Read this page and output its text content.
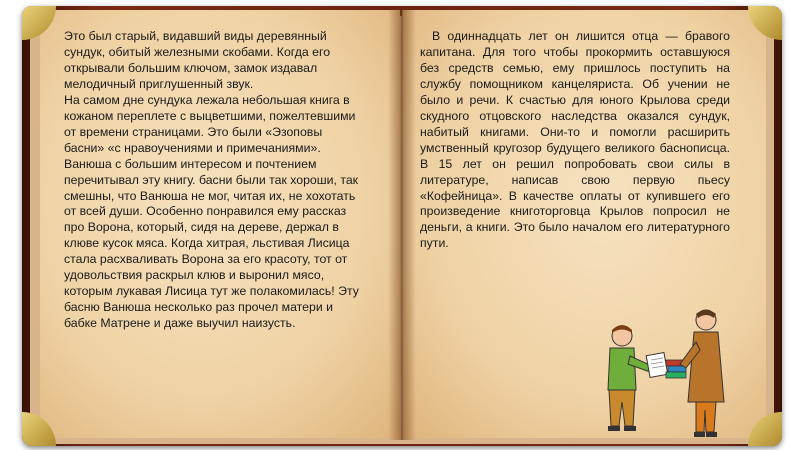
Это был старый, видавший виды деревянный сундук, обитый железными скобами. Когда его открывали большим ключом, замок издавал мелодичный приглушенный звук.

На самом дне сундука лежала небольшая книга в кожаном переплете с выцветшими, пожелтевшими от времени страницами. Это были «Эзоповы басни» «с нравоучениями и примечаниями». Ванюша с большим интересом и почтением перечитывал эту книгу. басни были так хороши, так смешны, что Ванюша не мог, читая их, не хохотать от всей души. Особенно понравился ему рассказ про Ворона, который, сидя на дереве, держал в клюве кусок мяса. Когда хитрая, льстивая Лисица стала расхваливать Ворона за его красоту, тот от удовольствия раскрыл клюв и выронил мясо, которым лукавая Лисица тут же полакомилась! Эту басню Ванюша несколько раз прочел матери и бабке Матрене и даже выучил наизусть.

В одиннадцать лет он лишится отца — бравого капитана. Для того чтобы прокормить оставшуюся без средств семью, ему пришлось поступить на службу помощником канцеляриста. Об учении не было и речи. К счастью для юного Крылова среди скудного отцовского наследства оказался сундук, набитый книгами. Они-то и помогли расширить умственный кругозор будущего великого баснописца. В 15 лет он решил попробовать свои силы в литературе, написав свою первую пьесу «Кофейница». В качестве оплаты от купившего его произведение книготорговца Крылов попросил не деньги, а книги. Это было началом его литературного пути.
